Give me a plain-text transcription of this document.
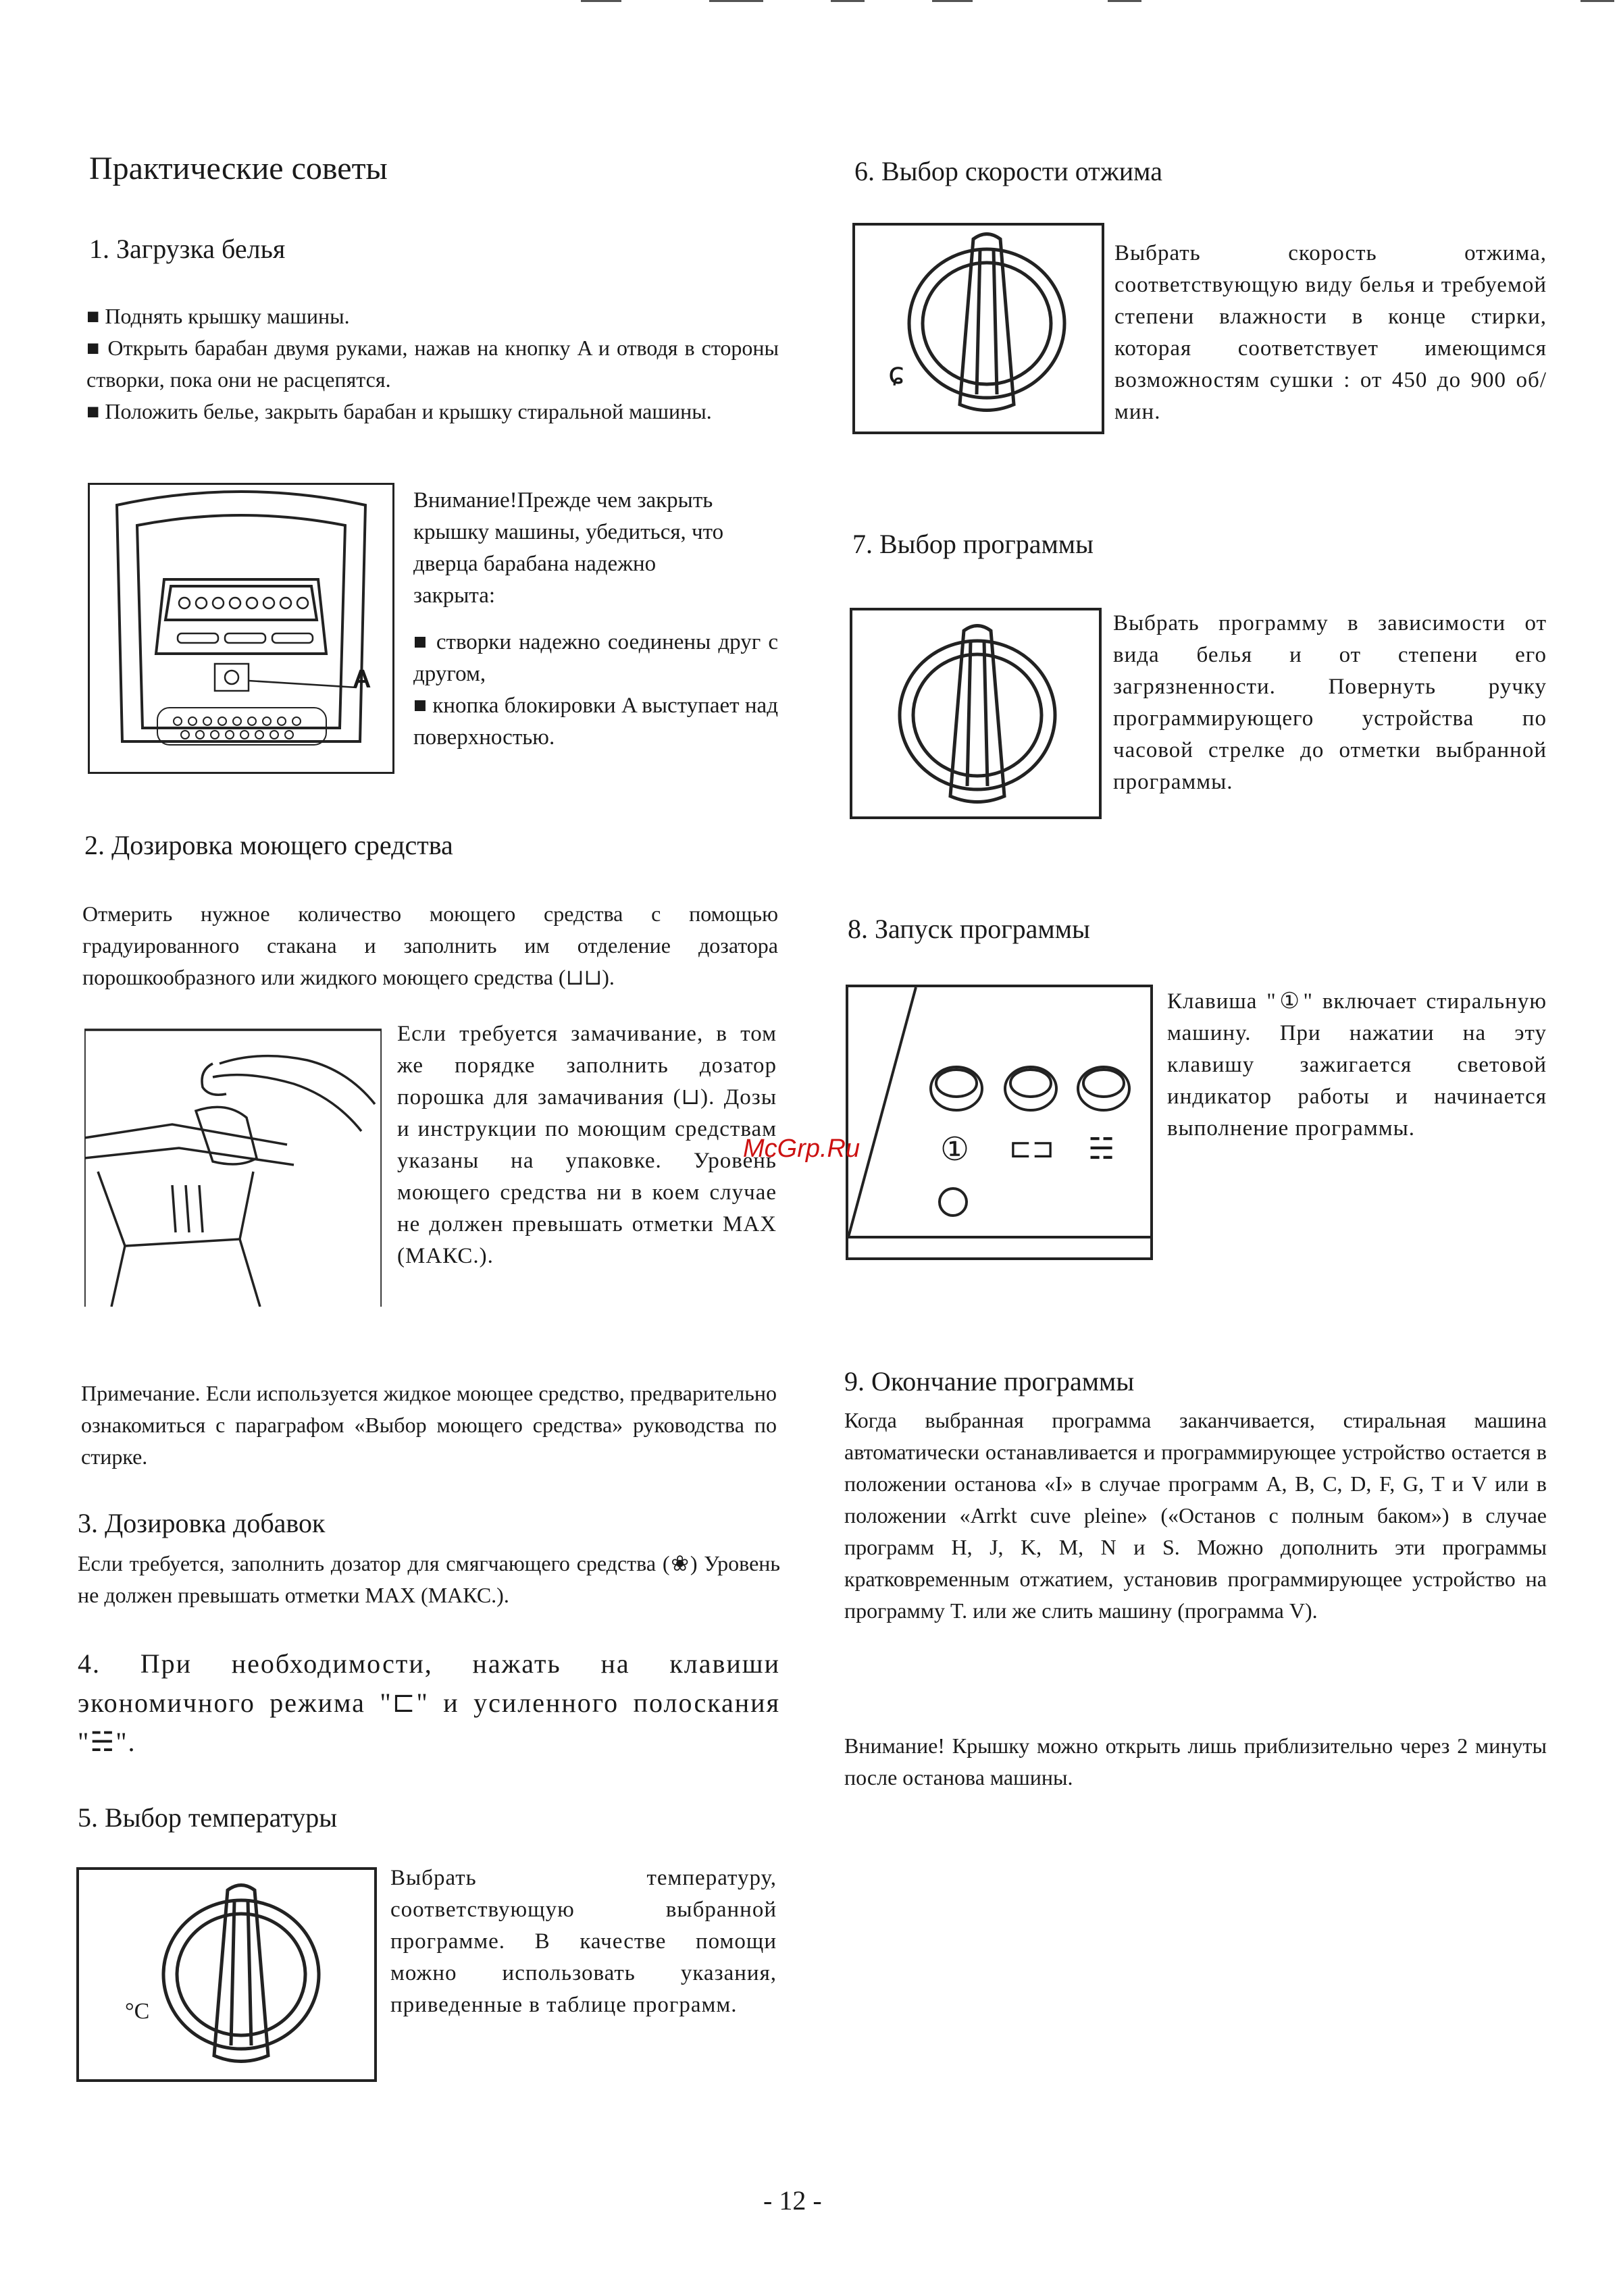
Практические советы
1. Загрузка белья
■ Поднять крышку машины.
■ Открыть барабан двумя руками, нажав на кнопку A и отводя в стороны створки, пока они не расцепятся.
■ Положить белье, закрыть барабан и крышку стиральной машины.
A
Внимание!Прежде чем закрыть
крышку машины, убедиться, что
дверца барабана надежно
закрыта:
■ створки надежно соединены друг с другом,
■ кнопка блокировки A выступает над поверхностью.
2. Дозировка моющего средства
Отмерить нужное количество моющего средства с помощью градуированного стакана и заполнить им отделение дозатора порошкообразного или жидкого моющего средства (⊔⊔).
Если требуется замачивание, в том же порядке заполнить дозатор порошка для замачивания (⊔). Дозы и инструкции по моющим средствам указаны на упаковке. Уровень моющего средства ни в коем случае не должен превышать отметки MAX (МАКС.).
Примечание. Если используется жидкое моющее средство, предварительно ознакомиться с параграфом «Выбор моющего средства» руководства по стирке.
3. Дозировка добавок
Если требуется, заполнить дозатор для смягчающего средства (❀) Уровень не должен превышать отметки MAX (МАКС.).
4. При необходимости, нажать на клавиши экономичного режима "⊏" и усиленного полоскания "☵".
5. Выбор температуры
°C
Выбрать температуру, соответствующую выбранной программе. В качестве помощи можно использовать указания, приведенные в таблице программ.
6. Выбор скорости отжима
ɕ
Выбрать скорость отжима, соответствующую виду белья и требуемой степени влажности в конце стирки, которая соответствует имеющимся возможностям сушки : от 450 до 900 об/мин.
7. Выбор программы
Выбрать программу в зависимости от вида белья и от степени его загрязненности. Повернуть ручку программирующего устройства по часовой стрелке до отметки выбранной программы.
8. Запуск программы
① ⊏⊐ ☵
Клавиша "①" включает стиральную машину. При нажатии на эту клавишу зажигается световой индикатор работы и начинается выполнение программы.
McGrp.Ru
9. Окончание программы
Когда выбранная программа заканчивается, стиральная машина автоматически останавливается и программирующее устройство остается в положении останова «I» в случае программ A, B, C, D, F, G, T и V или в положении «Arrkt cuve pleine» («Останов с полным баком») в случае программ H, J, K, M, N и S. Можно дополнить эти программы кратковременным отжатием, установив программирующее устройство на программу T. или же слить машину (программа V).
Внимание! Крышку можно открыть лишь приблизительно через 2 минуты после останова машины.
- 12 -
